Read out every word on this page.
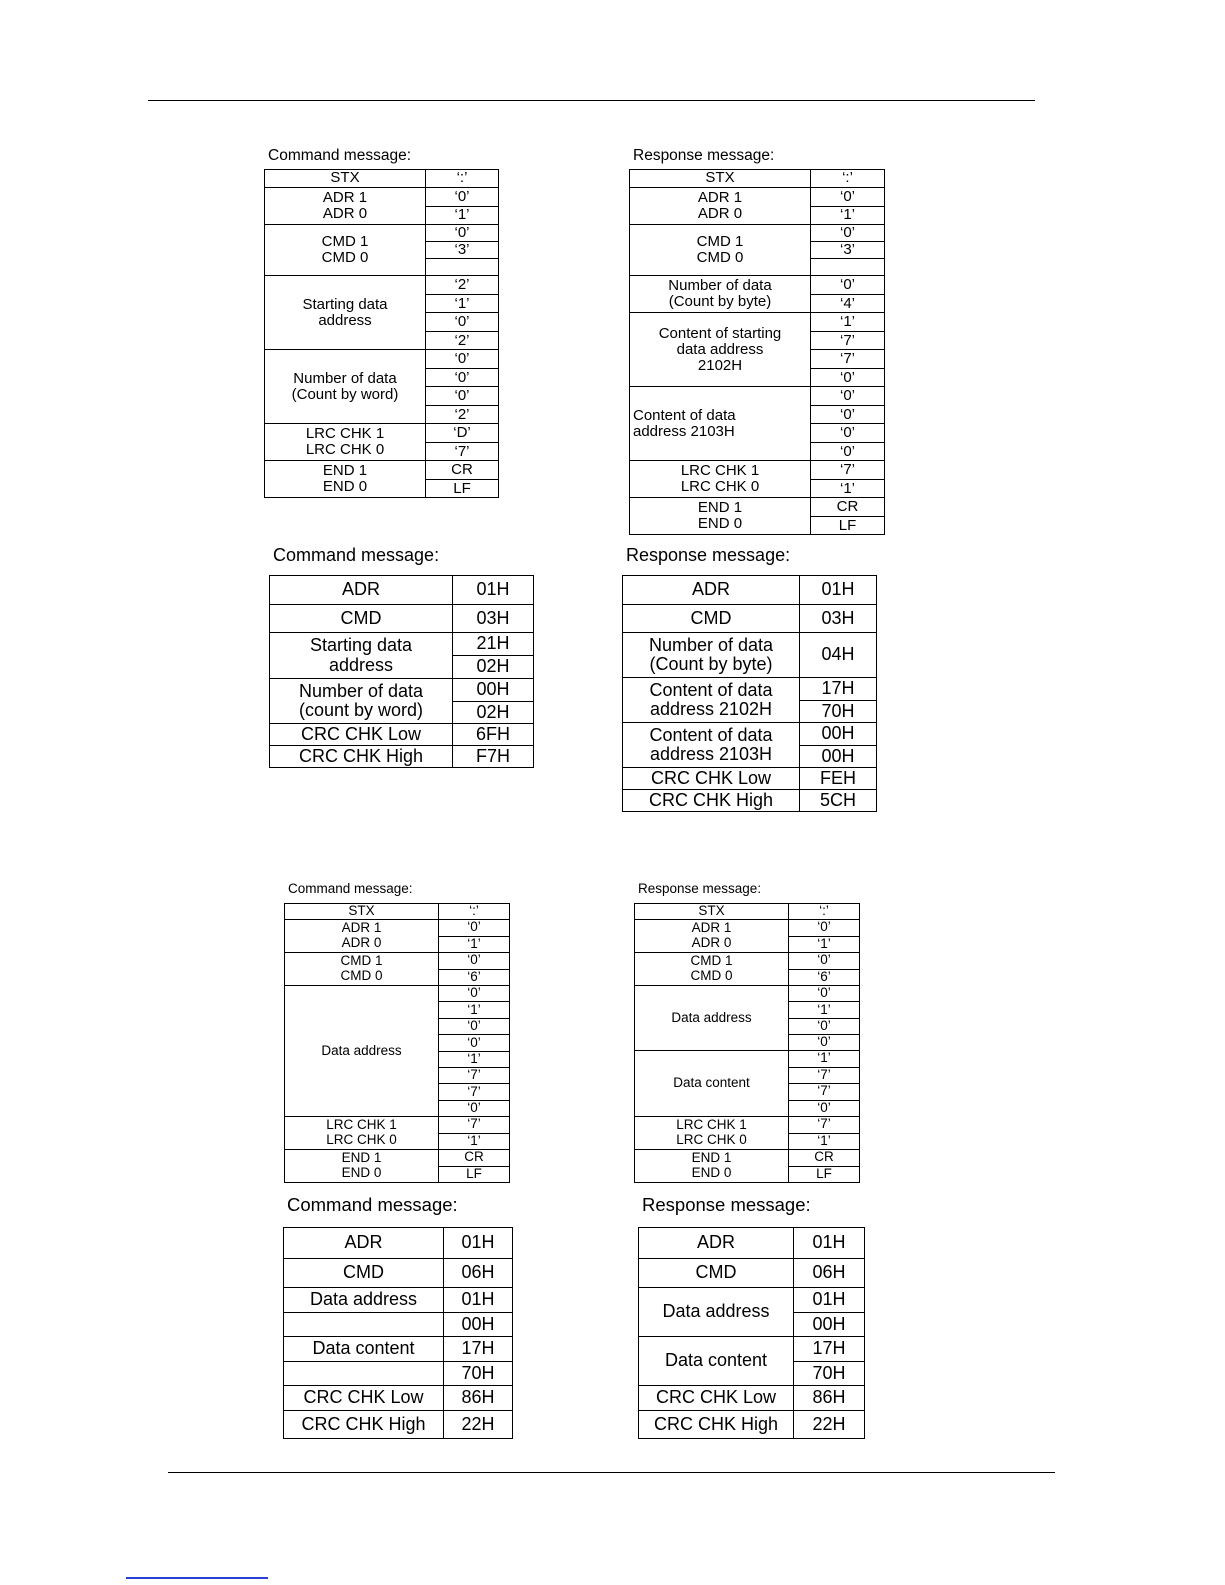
Command message:
STX	‘:’
ADR 1
ADR 0	‘0’
	‘1’
CMD 1
CMD 0	‘0’
	‘3’

Starting data
address	‘2’
	‘1’
	‘0’
	‘2’
Number of data
(Count by word)	‘0’
	‘0’
	‘0’
	‘2’
LRC CHK 1
LRC CHK 0	‘D’
	‘7’
END 1
END 0	CR
	LF
Response message:
STX	‘:’
ADR 1
ADR 0	‘0’
	‘1’
CMD 1
CMD 0	‘0’
	‘3’

Number of data
(Count by byte)	‘0’
	‘4’
Content of starting
data address
2102H	‘1’
	‘7’
	‘7’
	‘0’
Content of data
address 2103H	‘0’
	‘0’
	‘0’
	‘0’
LRC CHK 1
LRC CHK 0	‘7’
	‘1’
END 1
END 0	CR
	LF
Command message:
ADR	01H
CMD	03H
Starting data
address	21H
	02H
Number of data
(count by word)	00H
	02H
CRC CHK Low	6FH
CRC CHK High	F7H
Response message:
ADR	01H
CMD	03H
Number of data
(Count by byte)	04H
Content of data
address 2102H	17H
	70H
Content of data
address 2103H	00H
	00H
CRC CHK Low	FEH
CRC CHK High	5CH
Command message:
STX	‘:’
ADR 1
ADR 0	‘0’
	‘1’
CMD 1
CMD 0	‘0’
	‘6’
Data address	‘0’
	‘1’
	‘0’
	‘0’
	‘1’
	‘7’
	‘7’
	‘0’
LRC CHK 1
LRC CHK 0	‘7’
	‘1’
END 1
END 0	CR
	LF
Response message:
STX	‘:’
ADR 1
ADR 0	‘0’
	‘1’
CMD 1
CMD 0	‘0’
	‘6’
Data address	‘0’
	‘1’
	‘0’
	‘0’
Data content	‘1’
	‘7’
	‘7’
	‘0’
LRC CHK 1
LRC CHK 0	‘7’
	‘1’
END 1
END 0	CR
	LF
Command message:
ADR	01H
CMD	06H
Data address	01H
	00H
Data content	17H
	70H
CRC CHK Low	86H
CRC CHK High	22H
Response message:
ADR	01H
CMD	06H
Data address	01H
	00H
Data content	17H
	70H
CRC CHK Low	86H
CRC CHK High	22H
